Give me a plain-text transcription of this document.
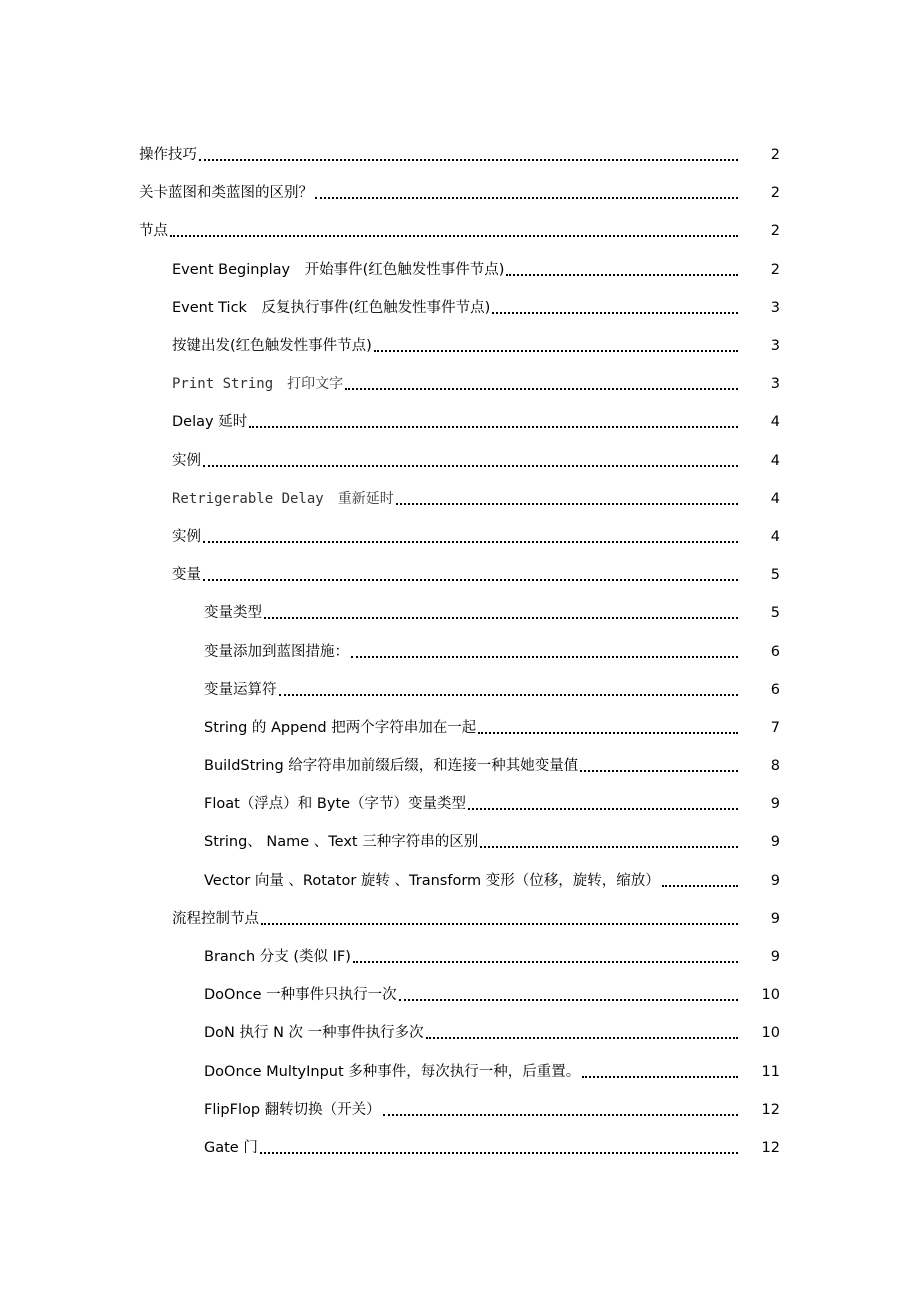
操作技巧	2
关卡蓝图和类蓝图的区别？	2
节点	2
Event Beginplay　开始事件(红色触发性事件节点)	2
Event Tick　反复执行事件(红色触发性事件节点)	3
按键出发(红色触发性事件节点)	3
Print String　打印文字	3
Delay 延时	4
实例	4
Retrigerable Delay　重新延时	4
实例	4
变量	5
变量类型	5
变量添加到蓝图措施：	6
变量运算符	6
String 的 Append 把两个字符串加在一起	7
BuildString 给字符串加前缀后缀，和连接一种其她变量值	8
Float（浮点）和 Byte（字节）变量类型	9
String、 Name 、Text 三种字符串的区别	9
Vector 向量 、Rotator 旋转 、Transform 变形（位移，旋转，缩放）	9
流程控制节点	9
Branch 分支 (类似 IF)	9
DoOnce 一种事件只执行一次	10
DoN 执行 N 次 一种事件执行多次	10
DoOnce MultyInput 多种事件，每次执行一种，后重置。	11
FlipFlop 翻转切换（开关）	12
Gate 门	12
